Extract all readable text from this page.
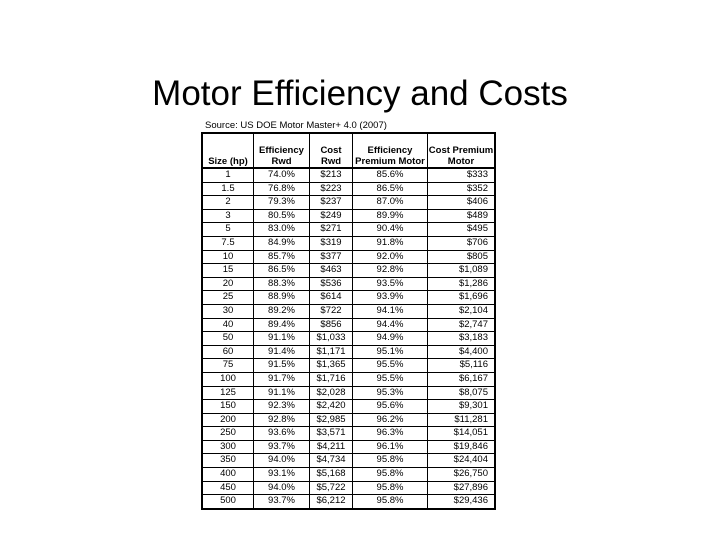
Motor Efficiency and Costs
Source: US DOE Motor Master+ 4.0 (2007)
Size (hp)	Efficiency Rwd	Cost Rwd	Efficiency Premium Motor	Cost Premium Motor
1	74.0%	$213	85.6%	$333
1.5	76.8%	$223	86.5%	$352
2	79.3%	$237	87.0%	$406
3	80.5%	$249	89.9%	$489
5	83.0%	$271	90.4%	$495
7.5	84.9%	$319	91.8%	$706
10	85.7%	$377	92.0%	$805
15	86.5%	$463	92.8%	$1,089
20	88.3%	$536	93.5%	$1,286
25	88.9%	$614	93.9%	$1,696
30	89.2%	$722	94.1%	$2,104
40	89.4%	$856	94.4%	$2,747
50	91.1%	$1,033	94.9%	$3,183
60	91.4%	$1,171	95.1%	$4,400
75	91.5%	$1,365	95.5%	$5,116
100	91.7%	$1,716	95.5%	$6,167
125	91.1%	$2,028	95.3%	$8,075
150	92.3%	$2,420	95.6%	$9,301
200	92.8%	$2,985	96.2%	$11,281
250	93.6%	$3,571	96.3%	$14,051
300	93.7%	$4,211	96.1%	$19,846
350	94.0%	$4,734	95.8%	$24,404
400	93.1%	$5,168	95.8%	$26,750
450	94.0%	$5,722	95.8%	$27,896
500	93.7%	$6,212	95.8%	$29,436
